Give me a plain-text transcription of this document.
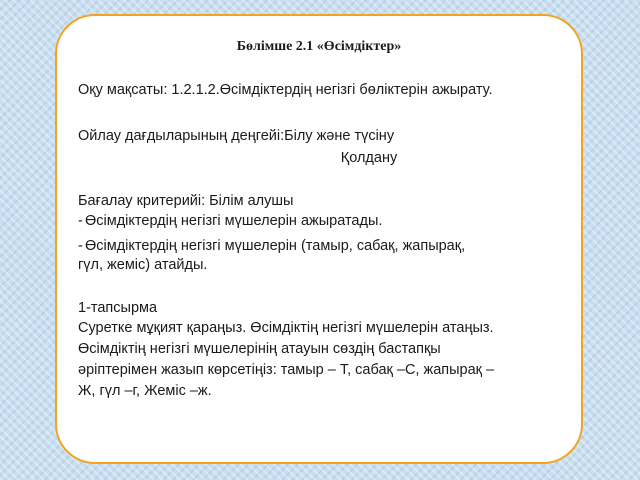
Бөлімше 2.1 «Өсімдіктер»
Оқу мақсаты: 1.2.1.2.Өсімдіктердің негізгі бөліктерін ажырату.
Ойлау дағдыларының деңгейі:Білу және түсіну
Қолдану
Бағалау критерийі: Білім алушы
- Өсімдіктердің негізгі мүшелерін ажыратады.
- Өсімдіктердің негізгі мүшелерін (тамыр, сабақ, жапырақ,
гүл, жеміс) атайды.
1-тапсырма
Суретке мұқият қараңыз. Өсімдіктің негізгі мүшелерін атаңыз.
Өсімдіктің негізгі мүшелерінің атауын сөздің бастапқы
әріптерімен жазып көрсетіңіз: тамыр – Т, сабақ –С, жапырақ –
Ж, гүл –г, Жеміс –ж.
